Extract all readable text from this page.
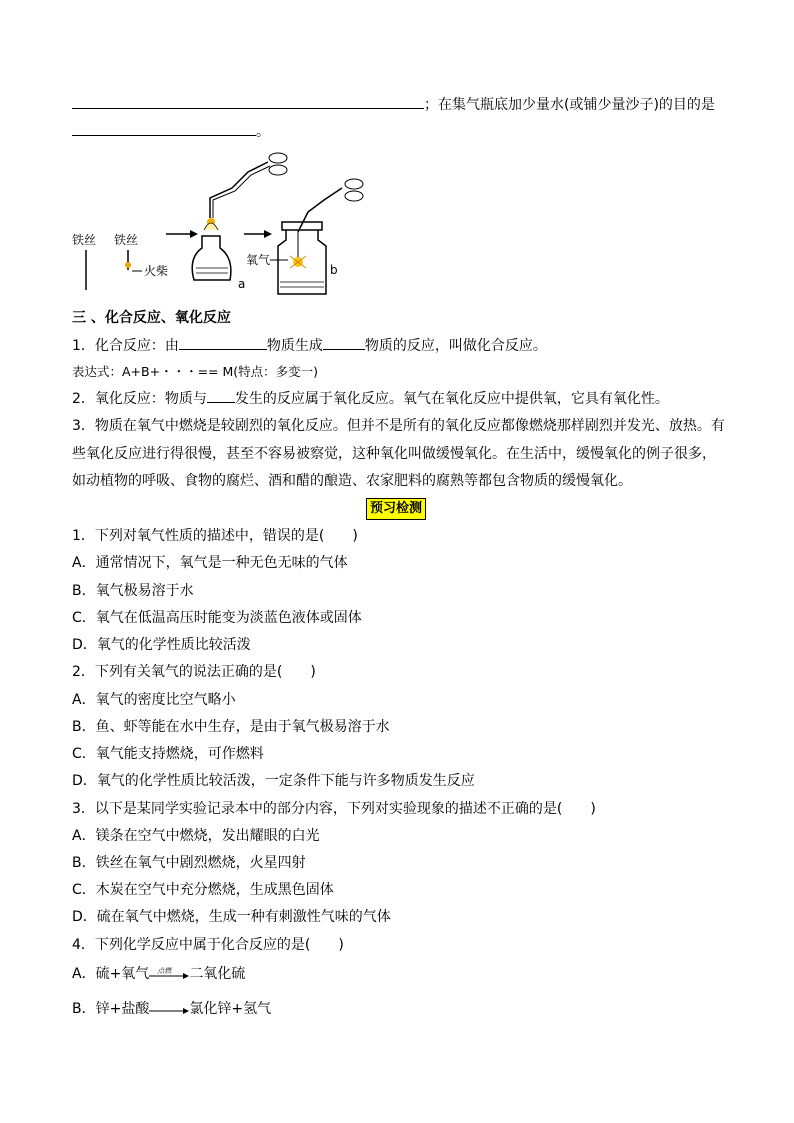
；在集气瓶底加少量水(或铺少量沙子)的目的是
。
铁丝 铁丝
火柴
a
氧气
b
三 、化合反应、氧化反应
1．化合反应：由	物质生成	物质的反应，叫做化合反应。
表达式：A+B+・・・== M(特点：多变一)
2．氧化反应：物质与 发生的反应属于氧化反应。氧气在氧化反应中提供氧，它具有氧化性。
3．物质在氧气中燃烧是较剧烈的氧化反应。但并不是所有的氧化反应都像燃烧那样剧烈并发光、放热。有
些氧化反应进行得很慢，甚至不容易被察觉，这种氧化叫做缓慢氧化。在生活中，缓慢氧化的例子很多，
如动植物的呼吸、食物的腐烂、酒和醋的酿造、农家肥料的腐熟等都包含物质的缓慢氧化。
预习检测
1．下列对氧气性质的描述中，错误的是(　　)
A．通常情况下，氧气是一种无色无味的气体
B．氧气极易溶于水
C．氧气在低温高压时能变为淡蓝色液体或固体
D．氧气的化学性质比较活泼
2．下列有关氧气的说法正确的是(　　)
A．氧气的密度比空气略小
B．鱼、虾等能在水中生存，是由于氧气极易溶于水
C．氧气能支持燃烧，可作燃料
D．氧气的化学性质比较活泼，一定条件下能与许多物质发生反应
3．以下是某同学实验记录本中的部分内容，下列对实验现象的描述不正确的是(　　)
A．镁条在空气中燃烧，发出耀眼的白光
B．铁丝在氧气中剧烈燃烧，火星四射
C．木炭在空气中充分燃烧，生成黑色固体
D．硫在氧气中燃烧，生成一种有刺激性气味的气体
4．下列化学反应中属于化合反应的是(　　)
A．硫+氧气 点燃 二氧化硫
B．锌+盐酸→氯化锌+氢气
